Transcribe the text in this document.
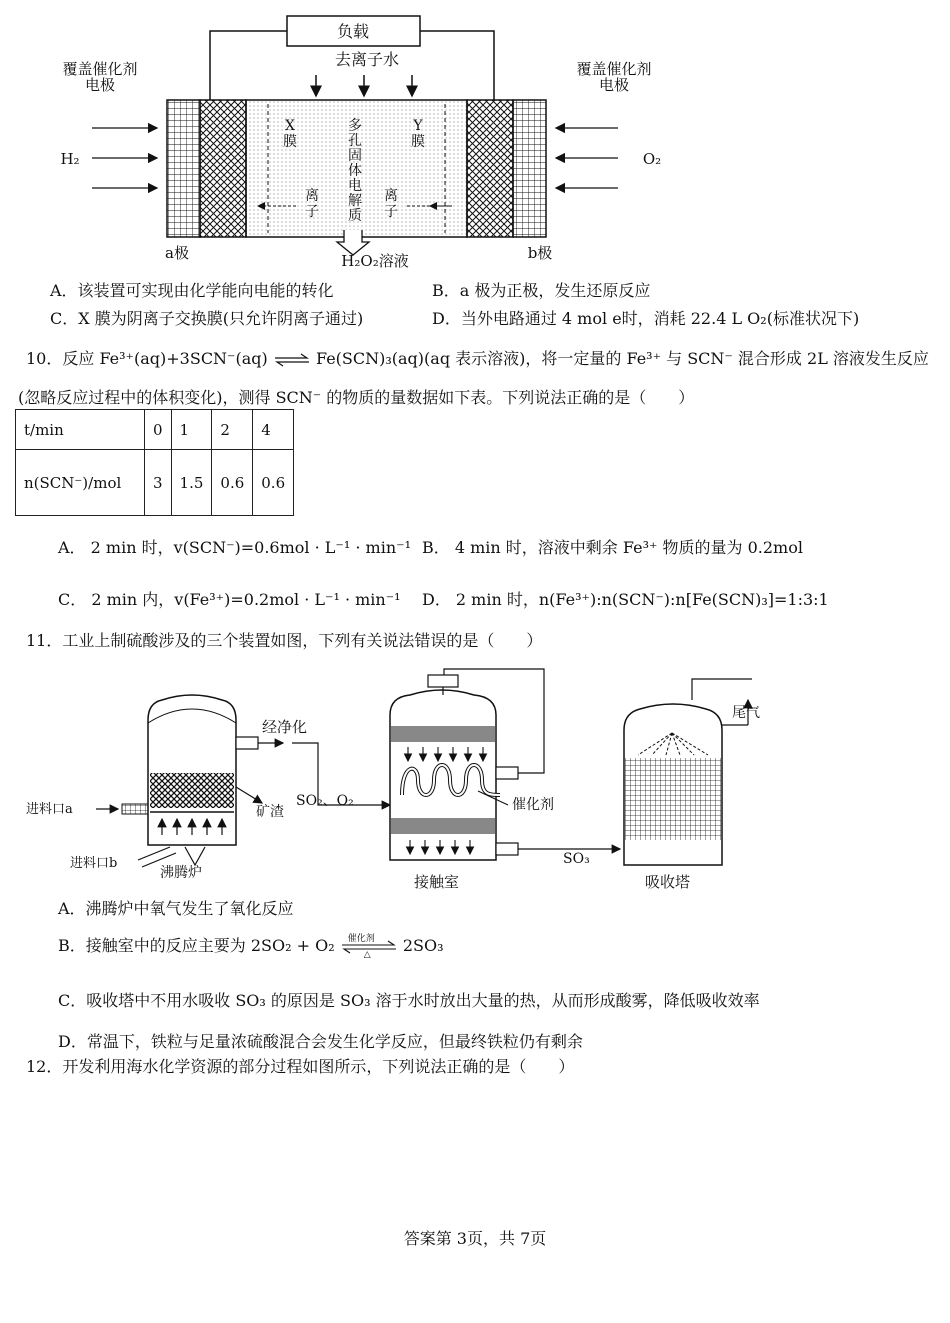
负载
去离子水
覆盖催化剂
电极
覆盖催化剂
电极
H₂	O₂
X
膜
Y
膜
多
孔
固
体
电
解
质
离
子
离
子
a极	b极
H₂O₂溶液
A．该装置可实现由化学能向电能的转化	B．a 极为正极，发生还原反应
C．X 膜为阴离子交换膜(只允许阴离子通过)	D．当外电路通过 4 mol e时，消耗 22.4 L O₂(标准状况下)
10．反应 Fe³⁺(aq)+3SCN⁻(aq) ⇌ Fe(SCN)₃(aq)(aq 表示溶液)，将一定量的 Fe³⁺ 与 SCN⁻ 混合形成 2L 溶液发生反应
(忽略反应过程中的体积变化)，测得 SCN⁻ 的物质的量数据如下表。下列说法正确的是（　　）
t/min	0	1	2	4
n(SCN⁻)/mol	3	1.5	0.6	0.6
A． 2 min 时，v(SCN⁻)=0.6mol · L⁻¹ · min⁻¹ B． 4 min 时，溶液中剩余 Fe³⁺ 物质的量为 0.2mol
C． 2 min 内，v(Fe³⁺)=0.2mol · L⁻¹ · min⁻¹ D． 2 min 时，n(Fe³⁺):n(SCN⁻):n[Fe(SCN)₃]=1:3:1
11．工业上制硫酸涉及的三个装置如图，下列有关说法错误的是（　　）
经净化
进料口a
进料口b
矿渣
沸腾炉
SO₂、O₂	催化剂
SO₃
接触室
尾气
吸收塔
A．沸腾炉中氧气发生了氧化反应
B．接触室中的反应主要为 2SO₂ + O₂ 催化剂
△ 2SO₃
C．吸收塔中不用水吸收 SO₃ 的原因是 SO₃ 溶于水时放出大量的热，从而形成酸雾，降低吸收效率
D．常温下，铁粒与足量浓硫酸混合会发生化学反应，但最终铁粒仍有剩余
12．开发利用海水化学资源的部分过程如图所示，下列说法正确的是（　　）
答案第 3页，共 7页
